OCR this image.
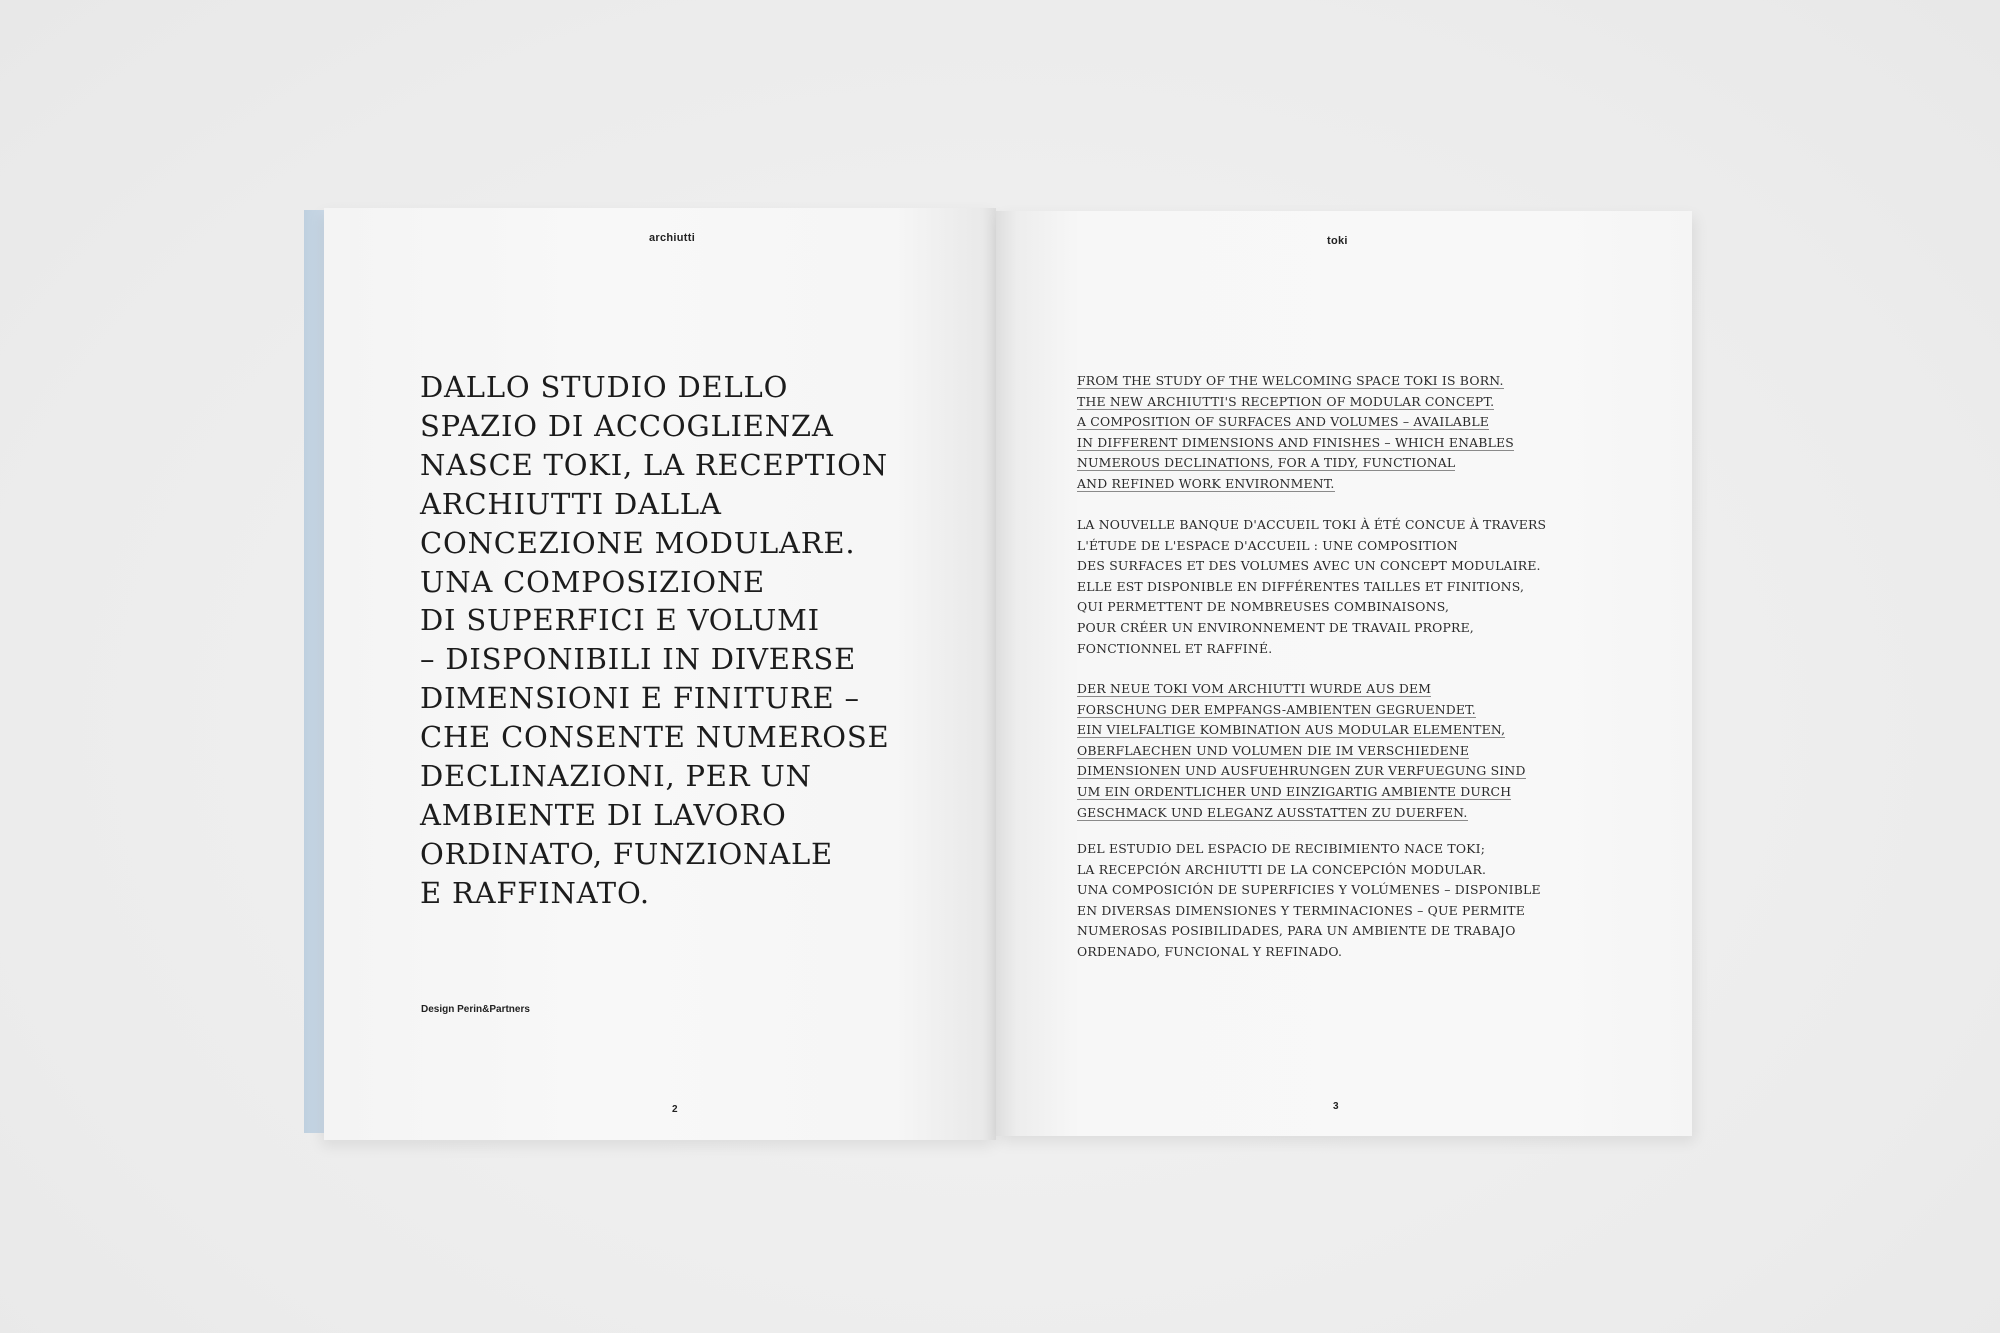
archiutti
DALLO STUDIO DELLO
SPAZIO DI ACCOGLIENZA
NASCE TOKI, LA RECEPTION
ARCHIUTTI DALLA
CONCEZIONE MODULARE.
UNA COMPOSIZIONE
DI SUPERFICI E VOLUMI
– DISPONIBILI IN DIVERSE
DIMENSIONI E FINITURE –
CHE CONSENTE NUMEROSE
DECLINAZIONI, PER UN
AMBIENTE DI LAVORO
ORDINATO, FUNZIONALE
E RAFFINATO.
Design Perin&Partners
2
toki
FROM THE STUDY OF THE WELCOMING SPACE TOKI IS BORN.
THE NEW ARCHIUTTI'S RECEPTION OF MODULAR CONCEPT.
A COMPOSITION OF SURFACES AND VOLUMES – AVAILABLE
IN DIFFERENT DIMENSIONS AND FINISHES – WHICH ENABLES
NUMEROUS DECLINATIONS, FOR A TIDY, FUNCTIONAL
AND REFINED WORK ENVIRONMENT.
LA NOUVELLE BANQUE D'ACCUEIL TOKI À ÉTÉ CONCUE À TRAVERS
L'ÉTUDE DE L'ESPACE D'ACCUEIL : UNE COMPOSITION
DES SURFACES ET DES VOLUMES AVEC UN CONCEPT MODULAIRE.
ELLE EST DISPONIBLE EN DIFFÉRENTES TAILLES ET FINITIONS,
QUI PERMETTENT DE NOMBREUSES COMBINAISONS,
POUR CRÉER UN ENVIRONNEMENT DE TRAVAIL PROPRE,
FONCTIONNEL ET RAFFINÉ.
DER NEUE TOKI VOM ARCHIUTTI WURDE AUS DEM
FORSCHUNG DER EMPFANGS-AMBIENTEN GEGRUENDET.
EIN VIELFALTIGE KOMBINATION AUS MODULAR ELEMENTEN,
OBERFLAECHEN UND VOLUMEN DIE IM VERSCHIEDENE
DIMENSIONEN UND AUSFUEHRUNGEN ZUR VERFUEGUNG SIND
UM EIN ORDENTLICHER UND EINZIGARTIG AMBIENTE DURCH
GESCHMACK UND ELEGANZ AUSSTATTEN ZU DUERFEN.
DEL ESTUDIO DEL ESPACIO DE RECIBIMIENTO NACE TOKI;
LA RECEPCIÓN ARCHIUTTI DE LA CONCEPCIÓN MODULAR.
UNA COMPOSICIÓN DE SUPERFICIES Y VOLÚMENES – DISPONIBLE
EN DIVERSAS DIMENSIONES Y TERMINACIONES – QUE PERMITE
NUMEROSAS POSIBILIDADES, PARA UN AMBIENTE DE TRABAJO
ORDENADO, FUNCIONAL Y REFINADO.
3
